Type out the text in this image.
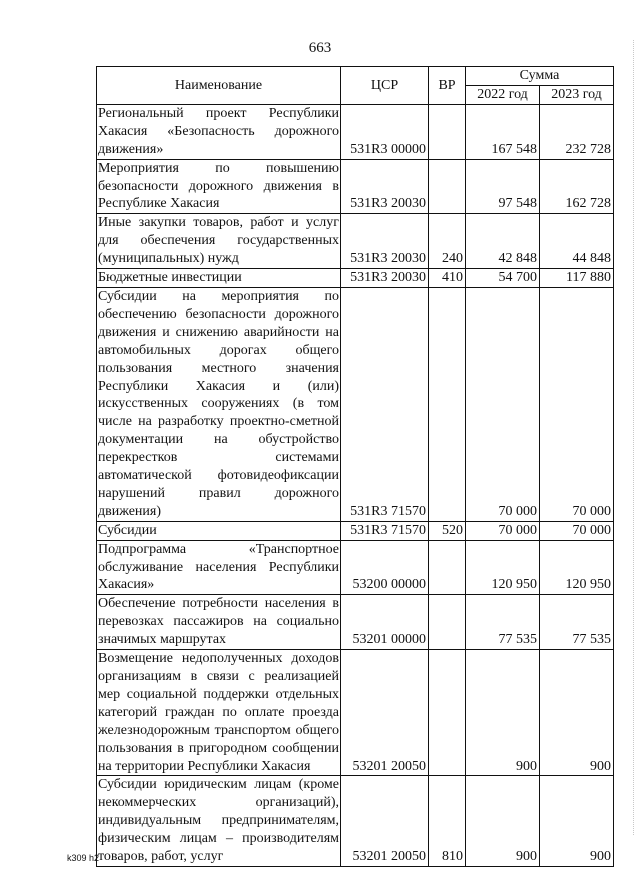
663
Наименование	ЦСР	ВР	Сумма	
			2022 год	2023 год
Региональный проект Республики Хакасия «Безопасность дорожного движения»	531R3 00000		167 548	232 728
Мероприятия по повышению безопасности дорожного движения в Республике Хакасия	531R3 20030		97 548	162 728
Иные закупки товаров, работ и услуг для обеспечения государственных (муниципальных) нужд	531R3 20030	240	42 848	44 848
Бюджетные инвестиции	531R3 20030	410	54 700	117 880
Субсидии на мероприятия по обеспечению безопасности дорожного движения и снижению аварийности на автомобильных дорогах общего пользования местного значения Республики Хакасия и (или) искусственных сооружениях (в том числе на разработку проектно-сметной документации на обустройство перекрестков системами автоматической фотовидеофиксации нарушений правил дорожного движения)	531R3 71570		70 000	70 000
Субсидии	531R3 71570	520	70 000	70 000
Подпрограмма «Транспортное обслуживание населения Республики Хакасия»	53200 00000		120 950	120 950
Обеспечение потребности населения в перевозках пассажиров на социально значимых маршрутах	53201 00000		77 535	77 535
Возмещение недополученных доходов организациям в связи с реализацией мер социальной поддержки отдельных категорий граждан по оплате проезда железнодорожным транспортом общего пользования в пригородном сообщении на территории Республики Хакасия	53201 20050		900	900
Субсидии юридическим лицам (кроме некоммерческих организаций), индивидуальным предпринимателям, физическим лицам – производителям товаров, работ, услуг	53201 20050	810	900	900
k309 h2
